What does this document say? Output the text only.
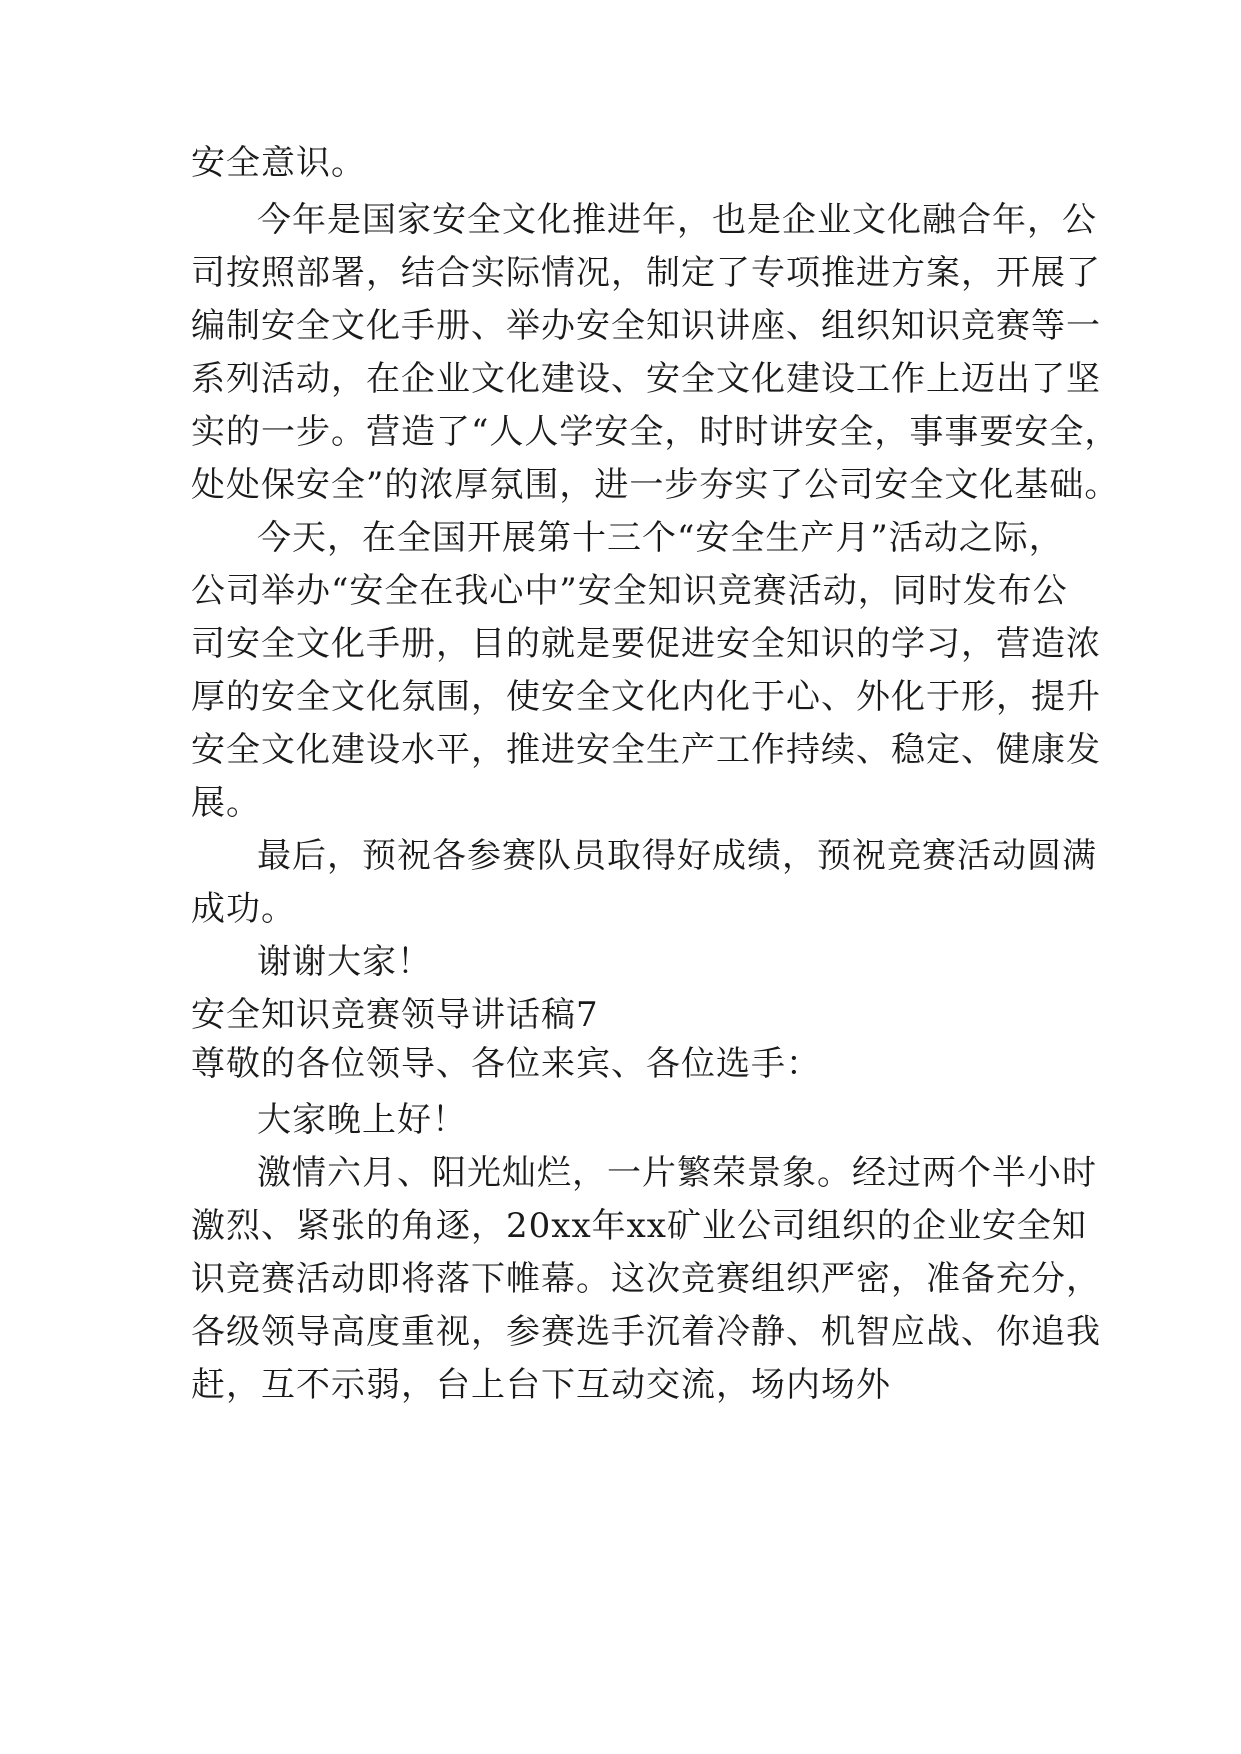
安全意识。
今年是国家安全文化推进年，也是企业文化融合年，公
司按照部署，结合实际情况，制定了专项推进方案，开展了
编制安全文化手册、举办安全知识讲座、组织知识竞赛等一
系列活动，在企业文化建设、安全文化建设工作上迈出了坚
实的一步。营造了“人人学安全，时时讲安全，事事要安全，
处处保安全”的浓厚氛围，进一步夯实了公司安全文化基础。
今天，在全国开展第十三个“安全生产月”活动之际，
公司举办“安全在我心中”安全知识竞赛活动，同时发布公
司安全文化手册，目的就是要促进安全知识的学习，营造浓
厚的安全文化氛围，使安全文化内化于心、外化于形，提升
安全文化建设水平，推进安全生产工作持续、稳定、健康发
展。
最后，预祝各参赛队员取得好成绩，预祝竞赛活动圆满
成功。
谢谢大家！
安全知识竞赛领导讲话稿7
尊敬的各位领导、各位来宾、各位选手：
大家晚上好！
激情六月、阳光灿烂，一片繁荣景象。经过两个半小时
激烈、紧张的角逐，20xx年xx矿业公司组织的企业安全知
识竞赛活动即将落下帷幕。这次竞赛组织严密，准备充分，
各级领导高度重视，参赛选手沉着冷静、机智应战、你追我
赶，互不示弱，台上台下互动交流，场内场外
